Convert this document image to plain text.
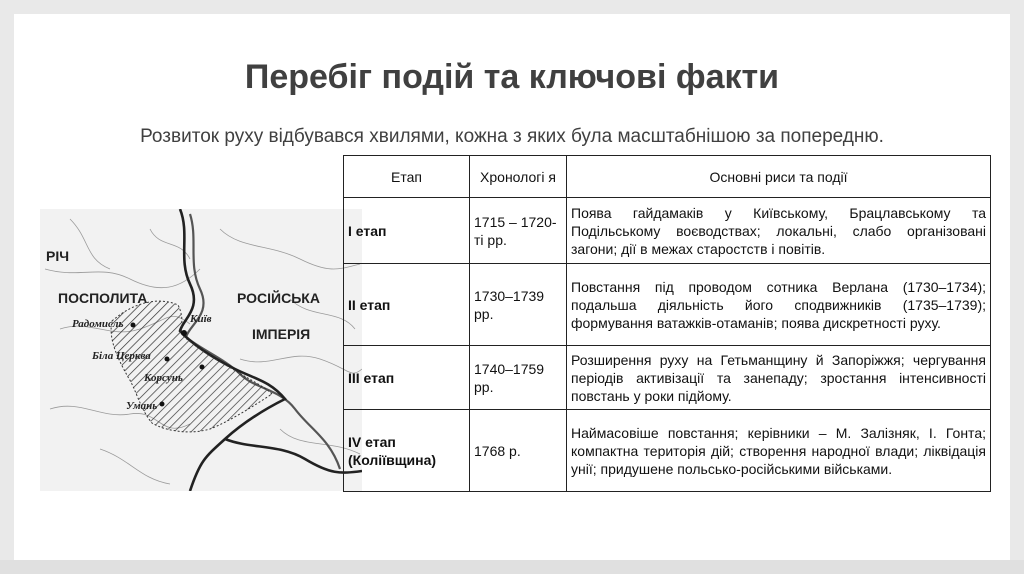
Перебіг подій та ключові факти

Розвиток руху відбувався хвилями, кожна з яких була масштабнішою за попередню.

РІЧ
ПОСПОЛИТА	РОСІЙСЬКА
ІМПЕРІЯ
Радомисль	Київ
Біла Церква
Корсунь
Умань
Етап	Хронологі я	Основні риси та події
І етап	1715 – 1720-ті рр.	Поява гайдамаків у Київському, Брацлавському та Подільському воєводствах; локальні, слабо організовані загони; дії в межах старостств і повітів.
ІІ етап	1730–1739 рр.	Повстання під проводом сотника Верлана (1730–1734); подальша діяльність його сподвижників (1735–1739); формування ватажків-отаманів; поява дискретності руху.
ІІІ етап	1740–1759 рр.	Розширення руху на Гетьманщину й Запоріжжя; чергування періодів активізації та занепаду; зростання інтенсивності повстань у роки підйому.
ІV етап (Коліївщина)	1768 р.	Наймасовіше повстання; керівники – М. Залізняк, І. Гонта; компактна територія дій; створення народної влади; ліквідація унії; придушене польсько-російськими військами.
